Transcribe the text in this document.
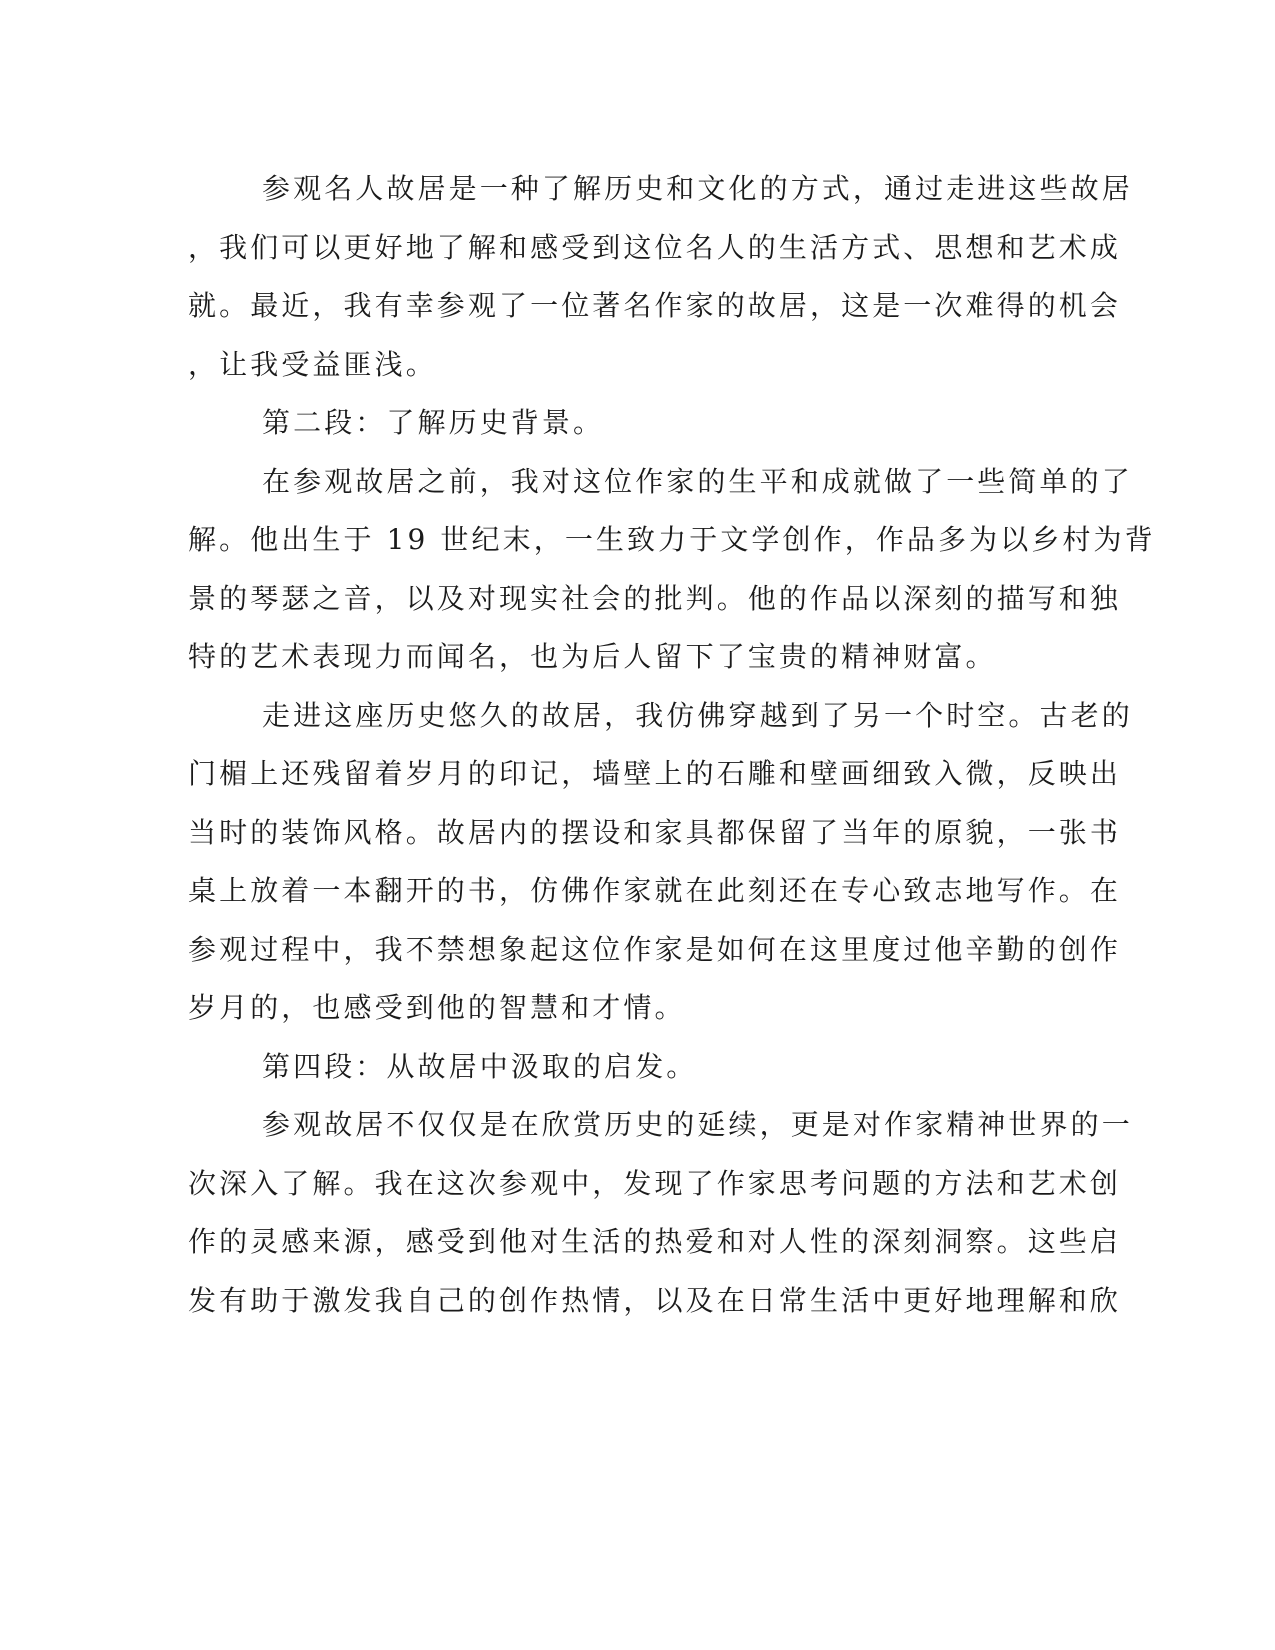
参观名人故居是一种了解历史和文化的方式，通过走进这些故居
，我们可以更好地了解和感受到这位名人的生活方式、思想和艺术成
就。最近，我有幸参观了一位著名作家的故居，这是一次难得的机会
，让我受益匪浅。
第二段：了解历史背景。
在参观故居之前，我对这位作家的生平和成就做了一些简单的了
解。他出生于 19 世纪末，一生致力于文学创作，作品多为以乡村为背
景的琴瑟之音，以及对现实社会的批判。他的作品以深刻的描写和独
特的艺术表现力而闻名，也为后人留下了宝贵的精神财富。
走进这座历史悠久的故居，我仿佛穿越到了另一个时空。古老的
门楣上还残留着岁月的印记，墙壁上的石雕和壁画细致入微，反映出
当时的装饰风格。故居内的摆设和家具都保留了当年的原貌，一张书
桌上放着一本翻开的书，仿佛作家就在此刻还在专心致志地写作。在
参观过程中，我不禁想象起这位作家是如何在这里度过他辛勤的创作
岁月的，也感受到他的智慧和才情。
第四段：从故居中汲取的启发。
参观故居不仅仅是在欣赏历史的延续，更是对作家精神世界的一
次深入了解。我在这次参观中，发现了作家思考问题的方法和艺术创
作的灵感来源，感受到他对生活的热爱和对人性的深刻洞察。这些启
发有助于激发我自己的创作热情，以及在日常生活中更好地理解和欣
